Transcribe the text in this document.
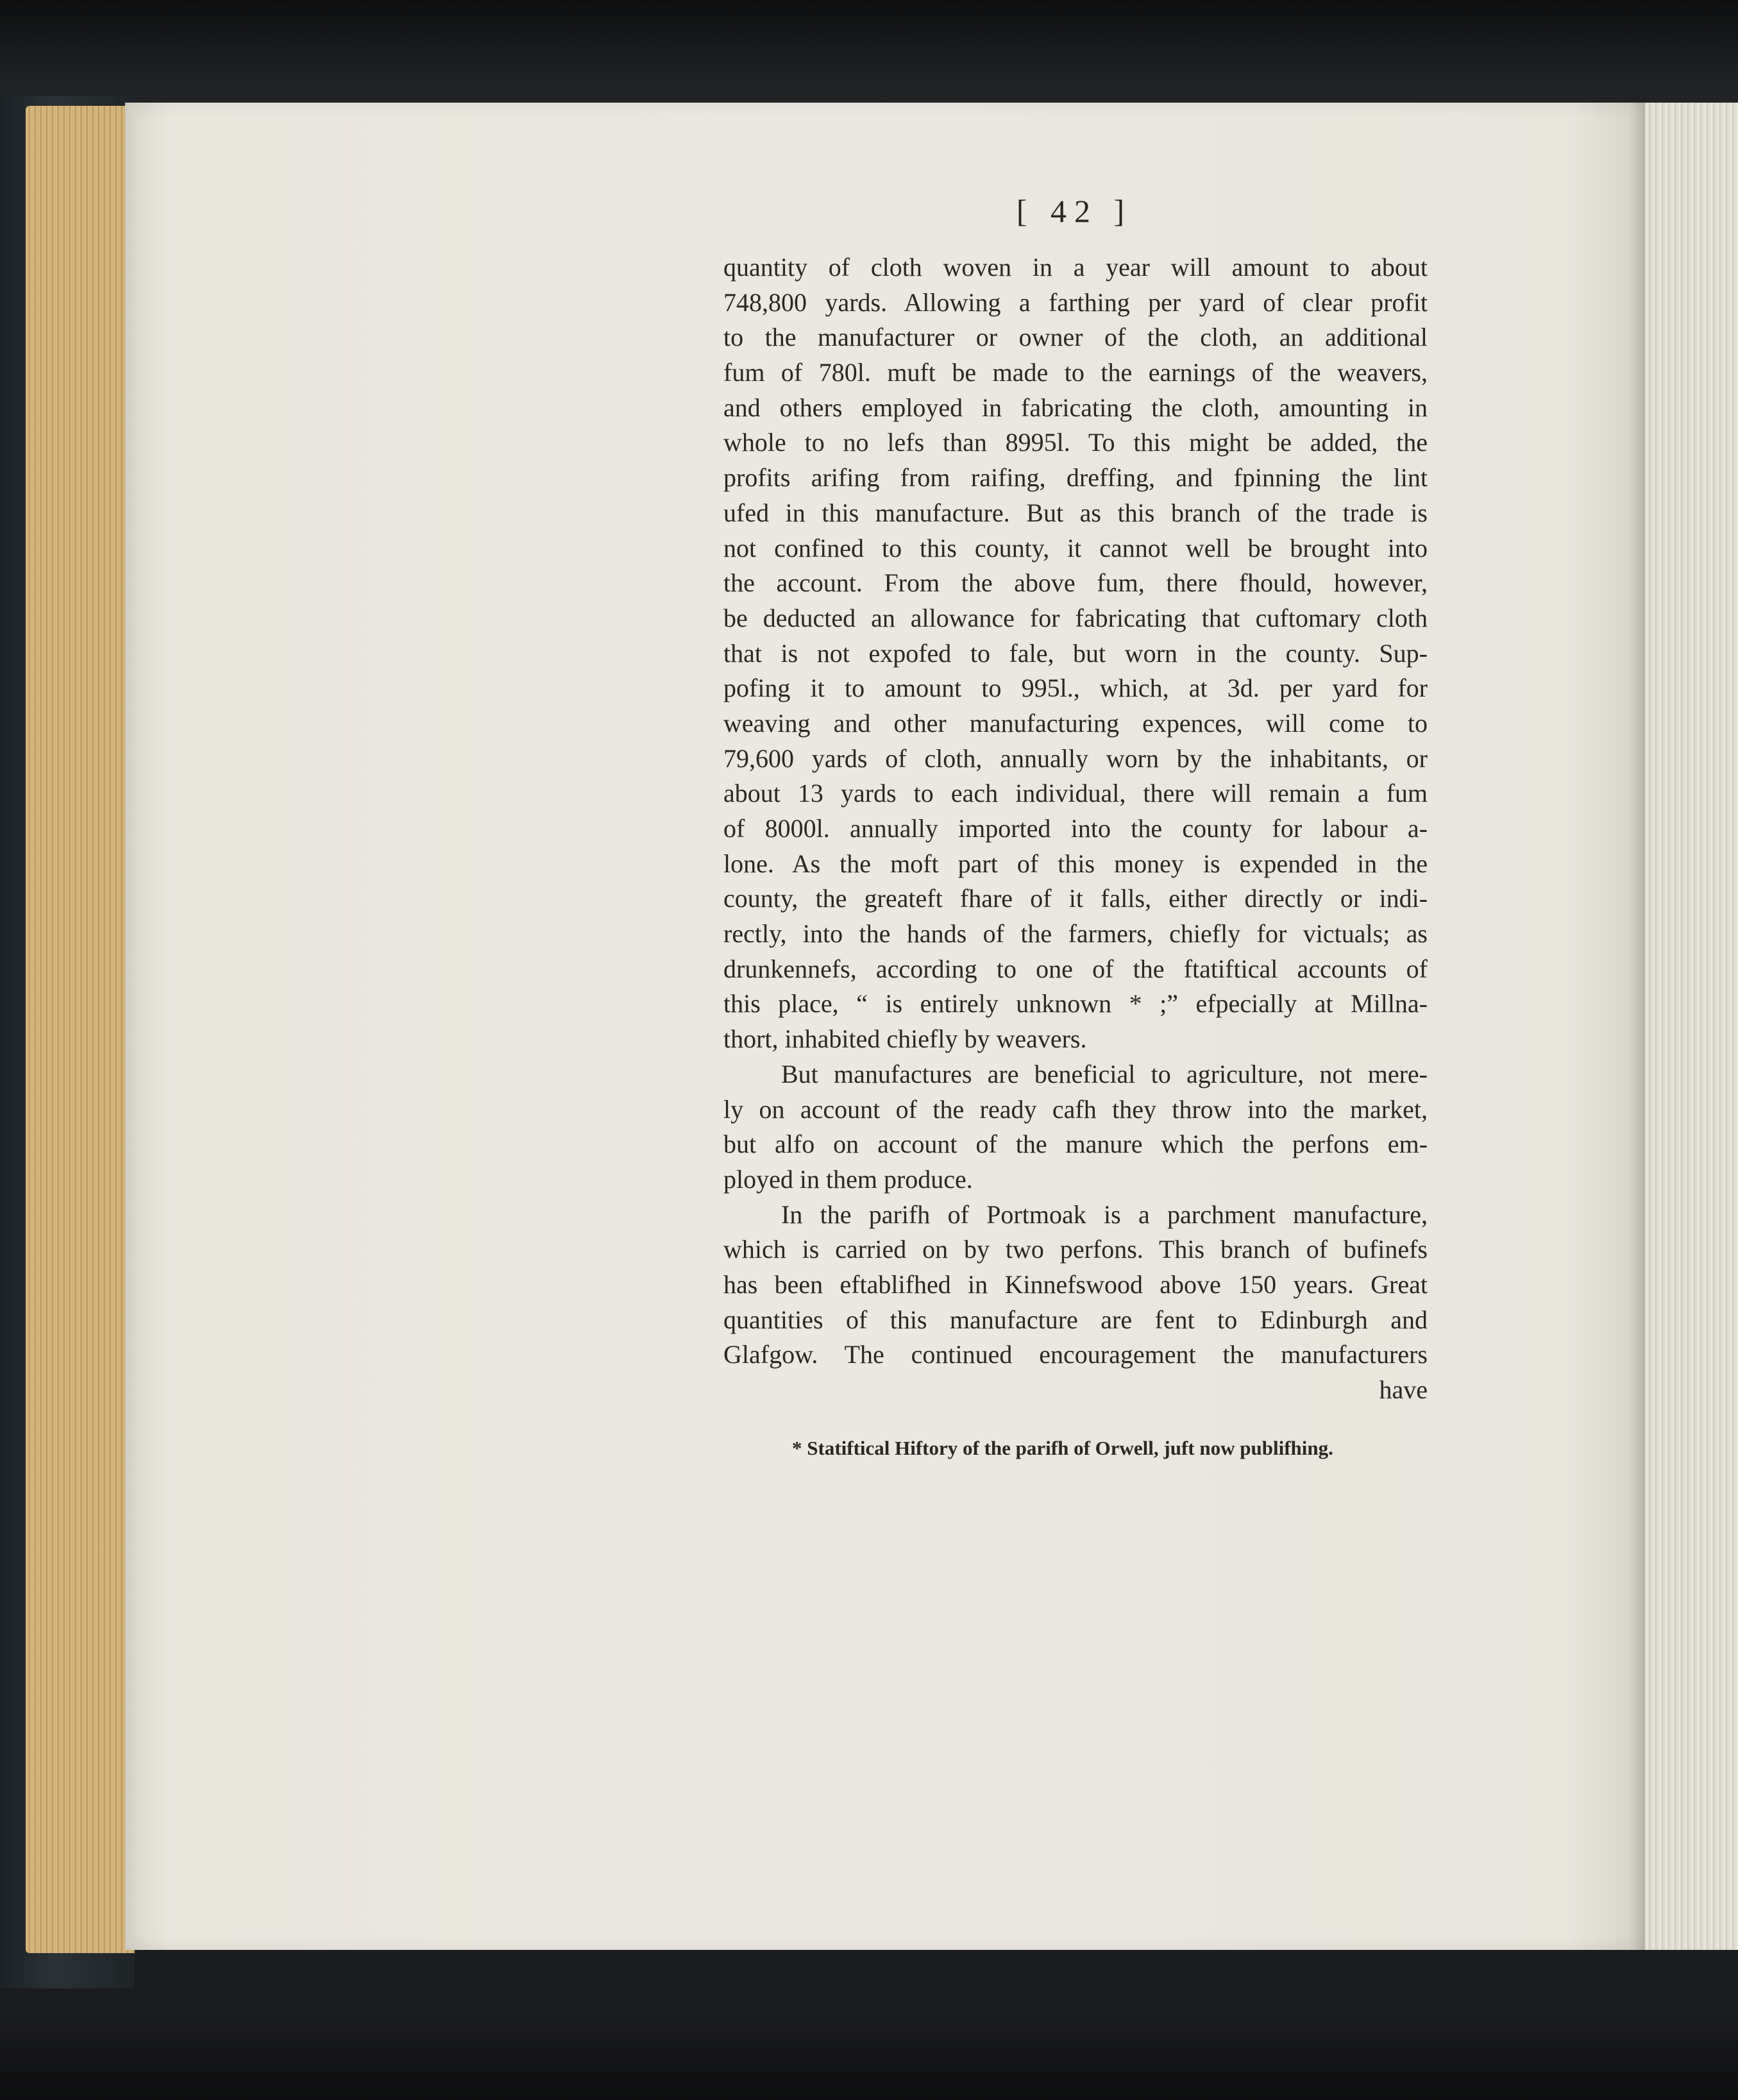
[ 42 ]
quantity of cloth woven in a year will amount to about
748,800 yards. Allowing a farthing per yard of clear profit
to the manufacturer or owner of the cloth, an additional
fum of 780l. muft be made to the earnings of the weavers,
and others employed in fabricating the cloth, amounting in
whole to no lefs than 8995l. To this might be added, the
profits arifing from raifing, dreffing, and fpinning the lint
ufed in this manufacture. But as this branch of the trade is
not confined to this county, it cannot well be brought into
the account. From the above fum, there fhould, however,
be deducted an allowance for fabricating that cuftomary cloth
that is not expofed to fale, but worn in the county. Sup-
pofing it to amount to 995l., which, at 3d. per yard for
weaving and other manufacturing expences, will come to
79,600 yards of cloth, annually worn by the inhabitants, or
about 13 yards to each individual, there will remain a fum
of 8000l. annually imported into the county for labour a-
lone. As the moft part of this money is expended in the
county, the greateft fhare of it falls, either directly or indi-
rectly, into the hands of the farmers, chiefly for victuals; as
drunkennefs, according to one of the ftatiftical accounts of
this place, “ is entirely unknown * ;” efpecially at Millna-
thort, inhabited chiefly by weavers.
But manufactures are beneficial to agriculture, not mere-
ly on account of the ready cafh they throw into the market,
but alfo on account of the manure which the perfons em-
ployed in them produce.
In the parifh of Portmoak is a parchment manufacture,
which is carried on by two perfons. This branch of bufinefs
has been eftablifhed in Kinnefswood above 150 years. Great
quantities of this manufacture are fent to Edinburgh and
Glafgow. The continued encouragement the manufacturers
have
* Statiftical Hiftory of the parifh of Orwell, juft now publifhing.
